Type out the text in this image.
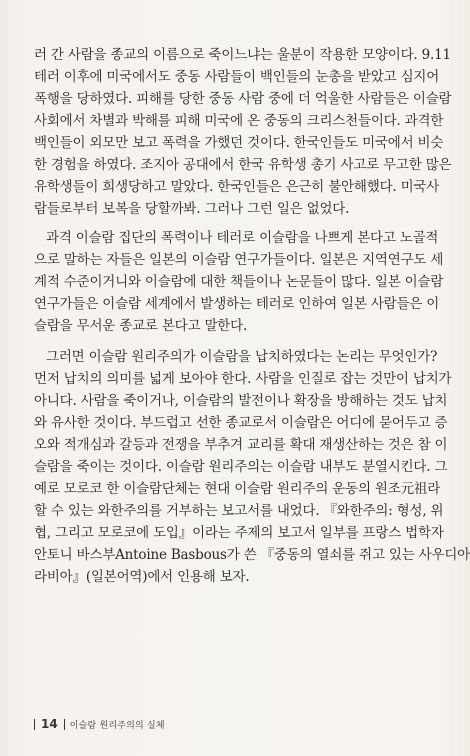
러 간 사람을 종교의 이름으로 죽이느냐는 울분이 작용한 모양이다. 9.11
테러 이후에 미국에서도 중동 사람들이 백인들의 눈총을 받았고 심지어
폭행을 당하였다. 피해를 당한 중동 사람 중에 더 억울한 사람들은 이슬람
사회에서 차별과 박해를 피해 미국에 온 중동의 크리스천들이다. 과격한
백인들이 외모만 보고 폭력을 가했던 것이다. 한국인들도 미국에서 비슷
한 경험을 하였다. 조지아 공대에서 한국 유학생 총기 사고로 무고한 많은
유학생들이 희생당하고 말았다. 한국인들은 은근히 불안해했다. 미국사
람들로부터 보복을 당할까봐. 그러나 그런 일은 없었다.
과격 이슬람 집단의 폭력이나 테러로 이슬람을 나쁘게 본다고 노골적
으로 말하는 자들은 일본의 이슬람 연구가들이다. 일본은 지역연구도 세
계적 수준이거니와 이슬람에 대한 책들이나 논문들이 많다. 일본 이슬람
연구가들은 이슬람 세계에서 발생하는 테러로 인하여 일본 사람들은 이
슬람을 무서운 종교로 본다고 말한다.
그러면 이슬람 원리주의가 이슬람을 납치하였다는 논리는 무엇인가?
먼저 납치의 의미를 넓게 보아야 한다. 사람을 인질로 잡는 것만이 납치가
아니다. 사람을 죽이거나, 이슬람의 발전이나 확장을 방해하는 것도 납치
와 유사한 것이다. 부드럽고 선한 종교로서 이슬람은 어디에 묻어두고 증
오와 적개심과 갈등과 전쟁을 부추겨 교리를 확대 재생산하는 것은 참 이
슬람을 죽이는 것이다. 이슬람 원리주의는 이슬람 내부도 분열시킨다. 그
예로 모로코 한 이슬람단체는 현대 이슬람 원리주의 운동의 원조元祖라
할 수 있는 와한주의를 거부하는 보고서를 내었다. 『와한주의: 형성, 위
협, 그리고 모로코에 도입』이라는 주제의 보고서 일부를 프랑스 법학자
안토니 바스부Antoine Basbous가 쓴 『중동의 열쇠를 쥐고 있는 사우디아
라비아』(일본어역)에서 인용해 보자.
14 이슬람 원리주의의 실체
